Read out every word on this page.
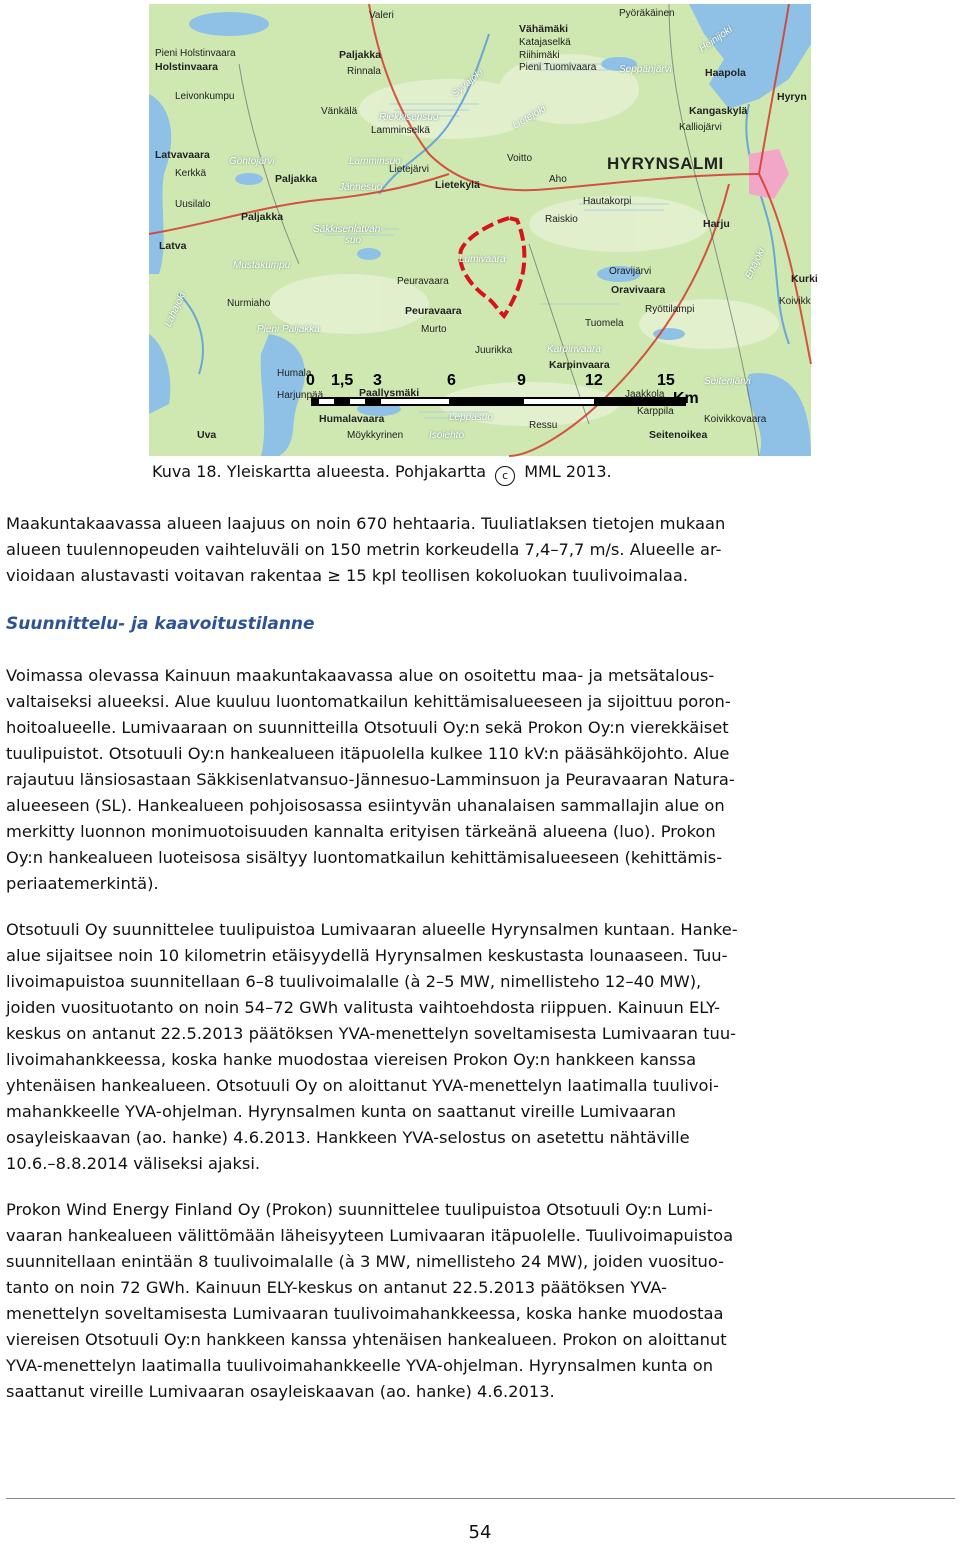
Valeri	Pyöräkäinen
Vähämäki
Katajaselkä	Heinijoki
Paljakka	Riihimäki
Pieni Tuomivaara Seppänjärvi	Haapola
Hyryn
Pieni Holstinvaara
Holstinvaara	Rinnala	Syväjoki
Kangaskylä
Leivonkumpu
Vänkälä
Riekkisensuo	Lietejoki	Kalliojärvi
Lamminselkä
Latvavaara
Göhtojärvi	Lamminsuo	Voitto	HYRYNSALMI
Kerkkä	Paljakka
Lietejärvi
Aho
Uusilalo
Jännesuo	Lietekylä
Hautakorpi
Paljakka	Raiskio	Harju
Säkkisenlatvan-
suo
Latva
Lumivaara	Enäjoki
Mustakumpu
Peuravaara
Oravijärvi
Kurki
Oravivaara
Koivikk
Nurmiaho
Peuravaara	Ryöttilampi
Murto
Tuomela
Pieni Paljakka
Juurikka	Karpinvaara
Lahajoki
Karpinvaara
Humala
Harjunpää	Paallysmäki
Seitenjärvi
Jaakkola
Karppila
Humalavaara	Leppäsuo	Koivikkovaara
Möykkyrinen
Ressu
Uva	Isolehto	Seitenoikea
0 1,5 3	6	9	12	15
Km
Kuva 18. Yleiskartta alueesta. Pohjakartta c MML 2013.
Maakuntakaavassa alueen laajuus on noin 670 hehtaaria. Tuuliatlaksen tietojen mukaan
alueen tuulennopeuden vaihteluväli on 150 metrin korkeudella 7,4–7,7 m/s. Alueelle ar-
vioidaan alustavasti voitavan rakentaa ≥ 15 kpl teollisen kokoluokan tuulivoimalaa.
Suunnittelu- ja kaavoitustilanne
Voimassa olevassa Kainuun maakuntakaavassa alue on osoitettu maa- ja metsätalous-
valtaiseksi alueeksi. Alue kuuluu luontomatkailun kehittämisalueeseen ja sijoittuu poron-
hoitoalueelle. Lumivaaraan on suunnitteilla Otsotuuli Oy:n sekä Prokon Oy:n vierekkäiset
tuulipuistot. Otsotuuli Oy:n hankealueen itäpuolella kulkee 110 kV:n pääsähköjohto. Alue
rajautuu länsiosastaan Säkkisenlatvansuo-Jännesuo-Lamminsuon ja Peuravaaran Natura-
alueeseen (SL). Hankealueen pohjoisosassa esiintyvän uhanalaisen sammallajin alue on
merkitty luonnon monimuotoisuuden kannalta erityisen tärkeänä alueena (luo). Prokon
Oy:n hankealueen luoteisosa sisältyy luontomatkailun kehittämisalueeseen (kehittämis-
periaatemerkintä).
Otsotuuli Oy suunnittelee tuulipuistoa Lumivaaran alueelle Hyrynsalmen kuntaan. Hanke-
alue sijaitsee noin 10 kilometrin etäisyydellä Hyrynsalmen keskustasta lounaaseen. Tuu-
livoimapuistoa suunnitellaan 6–8 tuulivoimalalle (à 2–5 MW, nimellisteho 12–40 MW),
joiden vuosituotanto on noin 54–72 GWh valitusta vaihtoehdosta riippuen. Kainuun ELY-
keskus on antanut 22.5.2013 päätöksen YVA-menettelyn soveltamisesta Lumivaaran tuu-
livoimahankkeessa, koska hanke muodostaa viereisen Prokon Oy:n hankkeen kanssa
yhtenäisen hankealueen. Otsotuuli Oy on aloittanut YVA-menettelyn laatimalla tuulivoi-
mahankkeelle YVA-ohjelman. Hyrynsalmen kunta on saattanut vireille Lumivaaran
osayleiskaavan (ao. hanke) 4.6.2013. Hankkeen YVA-selostus on asetettu nähtäville
10.6.–8.8.2014 väliseksi ajaksi.
Prokon Wind Energy Finland Oy (Prokon) suunnittelee tuulipuistoa Otsotuuli Oy:n Lumi-
vaaran hankealueen välittömään läheisyyteen Lumivaaran itäpuolelle. Tuulivoimapuistoa
suunnitellaan enintään 8 tuulivoimalalle (à 3 MW, nimellisteho 24 MW), joiden vuosituo-
tanto on noin 72 GWh. Kainuun ELY-keskus on antanut 22.5.2013 päätöksen YVA-
menettelyn soveltamisesta Lumivaaran tuulivoimahankkeessa, koska hanke muodostaa
viereisen Otsotuuli Oy:n hankkeen kanssa yhtenäisen hankealueen. Prokon on aloittanut
YVA-menettelyn laatimalla tuulivoimahankkeelle YVA-ohjelman. Hyrynsalmen kunta on
saattanut vireille Lumivaaran osayleiskaavan (ao. hanke) 4.6.2013.
54
